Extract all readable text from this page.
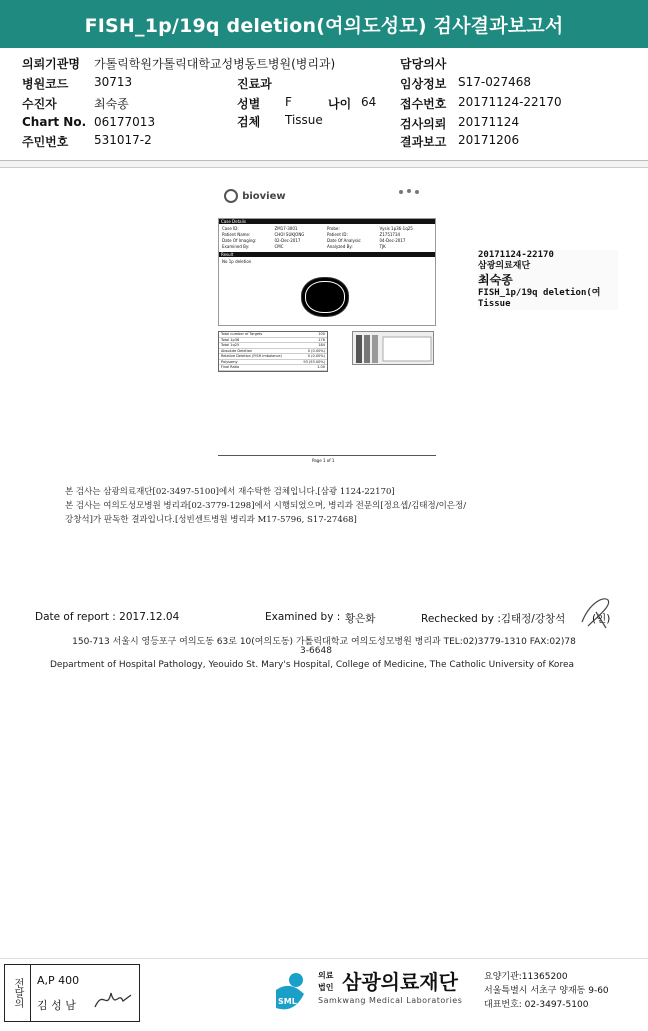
FISH_1p/19q deletion(여의도성모) 검사결과보고서
의뢰기관명 가톨릭학원가톨릭대학교성병동트병원(병리과)	담당의사
병원코드 30713	진료과	임상정보 S17-027468
수진자	최숙종	성별 F	나이 64 접수번호 20171124-22170
Chart No. 06177013	검체 Tissue	검사의뢰 20171124
주민번호 531017-2	결과보고 20171206
bioview
Case Details
Case ID:	ZM17-3001	Probe:	Vysis 1p36-1q25
Patient Name:	CHOI SUKJONG	Patient ID:	Z1751734
Date Of Imaging:	02-Dec-2017	Date Of Analysis:	04-Dec-2017
Examined By:	CMC	Analyzed By:	TJK
Result
No 1p deletion
Total number of Targets	100
Total 1p36	176
Total 1q25	184
Absolute Deletion	0 (0.00%)
Relative Deletion (FISH imbalance)	0 (0.00%)
Polysomy	93 (93.00%)
Final Ratio	1.00
Page 1 of 1
20171124-22170
삼광의료재단
최숙종
FISH_1p/19q deletion(여
Tissue
본 검사는 삼광의료재단[02-3497-5100]에서 재수탁한 검체입니다.[삼광 1124-22170]
본 검사는 여의도성모병원 병리과[02-3779-1298]에서 시행되었으며, 병리과 전문의[정요셉/김태정/이은정/
강창석]가 판독한 결과입니다.[성빈센트병원 병리과 M17-5796, S17-27468]
Date of report : 2017.12.04	Examined by : 황은화	Rechecked by :김태정/강창석	(인)
150-713 서울시 영등포구 여의도동 63로 10(여의도동) 가톨릭대학교 여의도성모병원 병리과 TEL:02)3779-1310 FAX:02)78
3-6648
Department of Hospital Pathology, Yeouido St. Mary's Hospital, College of Medicine, The Catholic University of Korea
전달의	A,P 400
김 성 남	SML
의료
법인 삼광의료재단
Samkwang Medical Laboratories
요양기관:11365200
서울특별시 서초구 양재동 9-60
대표번호: 02-3497-5100
